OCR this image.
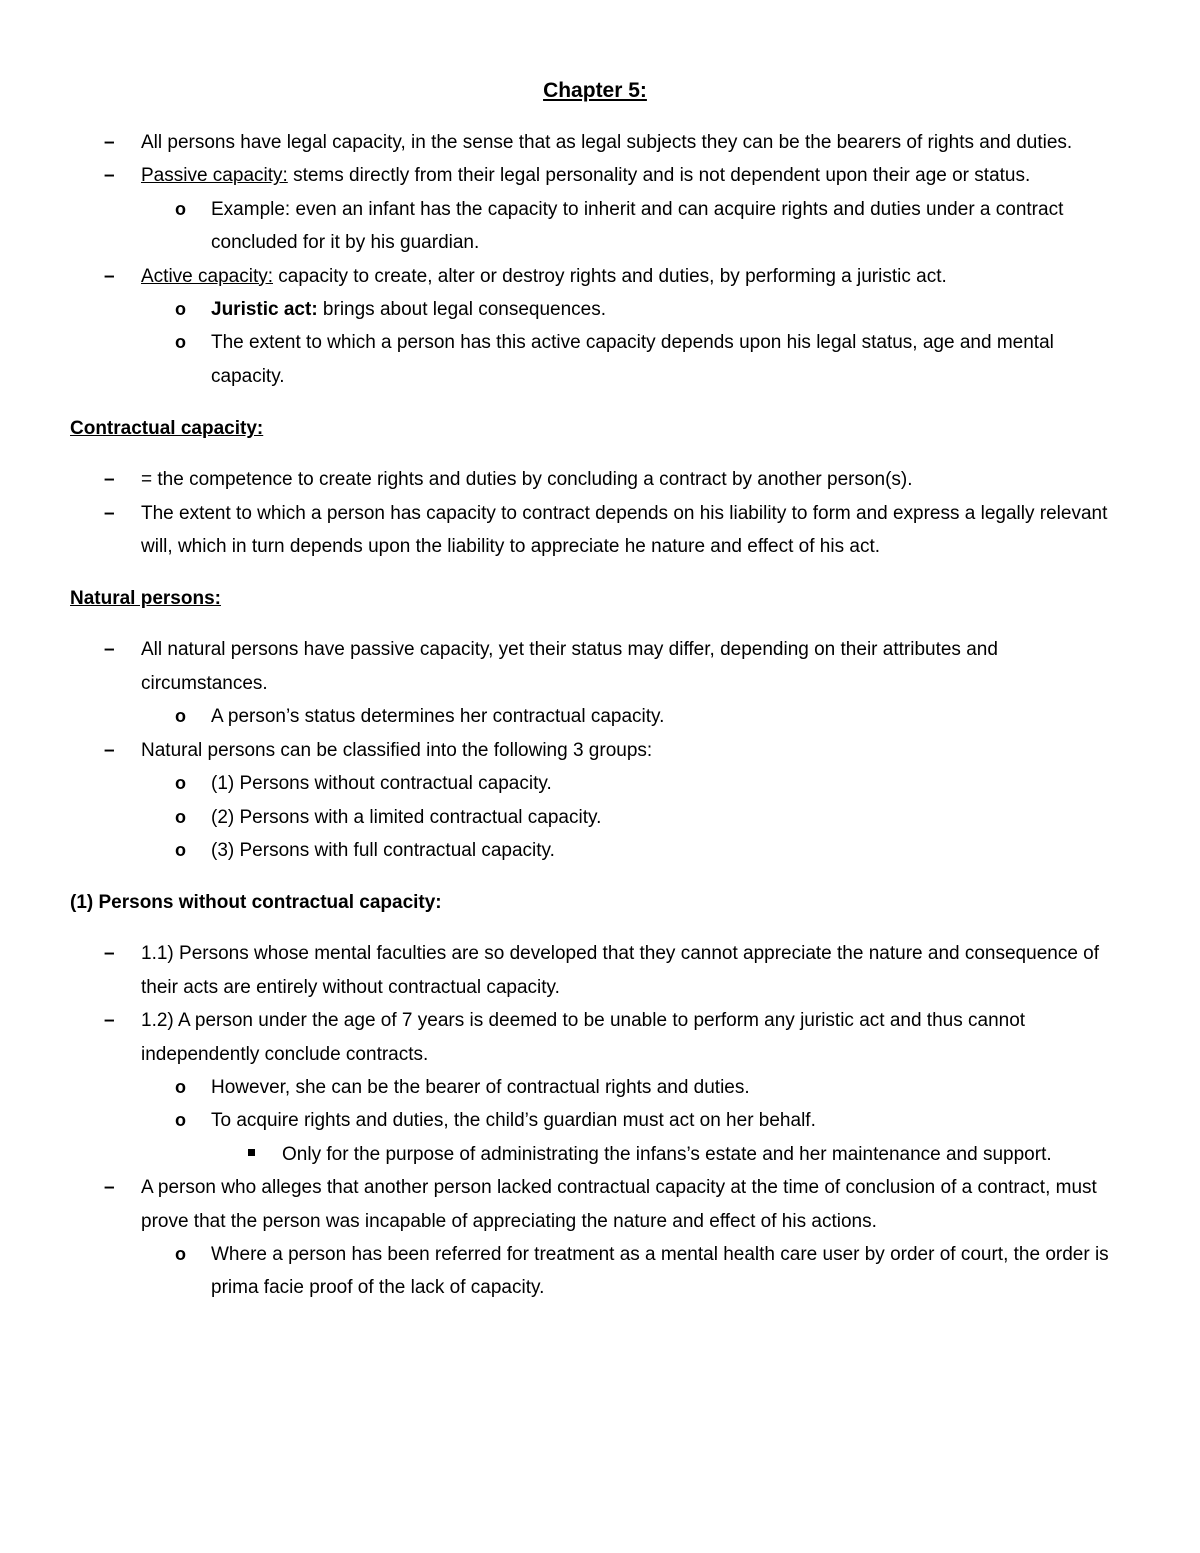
Chapter 5:
–
All persons have legal capacity, in the sense that as legal subjects they can be the bearers of rights and duties.
–
Passive capacity: stems directly from their legal personality and is not dependent upon their age or status.
o
Example: even an infant has the capacity to inherit and can acquire rights and duties under a contract concluded for it by his guardian.
–
Active capacity: capacity to create, alter or destroy rights and duties, by performing a juristic act.
o
Juristic act: brings about legal consequences.
o
The extent to which a person has this active capacity depends upon his legal status, age and mental capacity.
Contractual capacity:
–
= the competence to create rights and duties by concluding a contract by another person(s).
–
The extent to which a person has capacity to contract depends on his liability to form and express a legally relevant will, which in turn depends upon the liability to appreciate he nature and effect of his act.
Natural persons:
–
All natural persons have passive capacity, yet their status may differ, depending on their attributes and circumstances.
o
A person’s status determines her contractual capacity.
–
Natural persons can be classified into the following 3 groups:
o
(1) Persons without contractual capacity.
o
(2) Persons with a limited contractual capacity.
o
(3) Persons with full contractual capacity.
(1) Persons without contractual capacity:
–
1.1) Persons whose mental faculties are so developed that they cannot appreciate the nature and consequence of their acts are entirely without contractual capacity.
–
1.2) A person under the age of 7 years is deemed to be unable to perform any juristic act and thus cannot independently conclude contracts.
o
However, she can be the bearer of contractual rights and duties.
o
To acquire rights and duties, the child’s guardian must act on her behalf.
Only for the purpose of administrating the infans’s estate and her maintenance and support.
–
A person who alleges that another person lacked contractual capacity at the time of conclusion of a contract, must prove that the person was incapable of appreciating the nature and effect of his actions.
o
Where a person has been referred for treatment as a mental health care user by order of court, the order is prima facie proof of the lack of capacity.
